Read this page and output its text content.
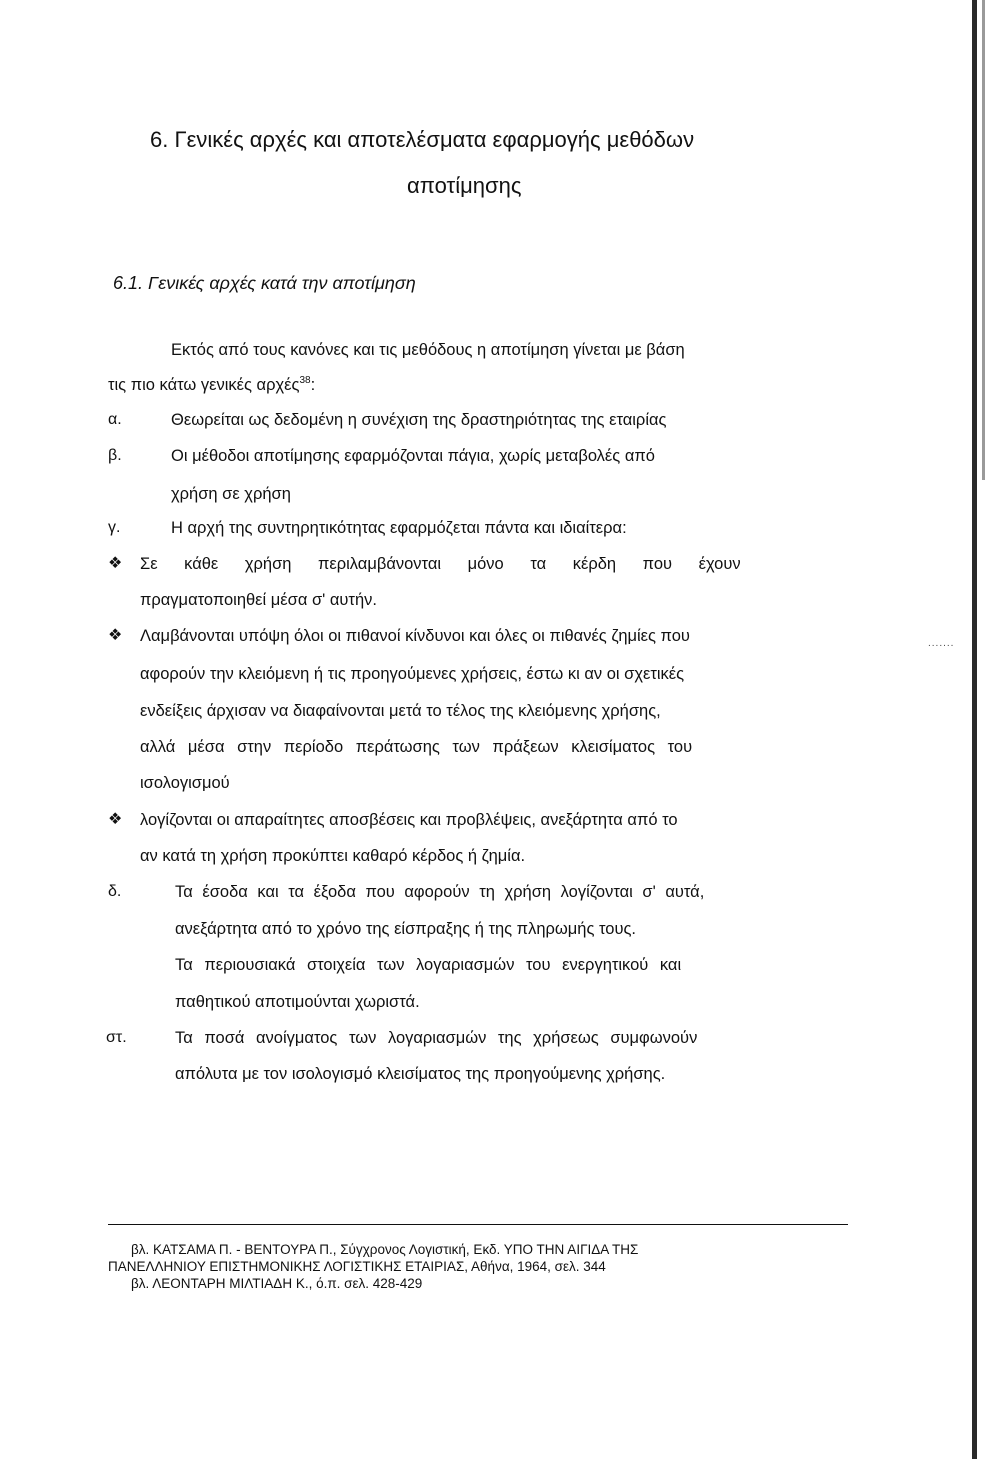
.......
6. Γενικές αρχές και αποτελέσματα εφαρμογής μεθόδων
αποτίμησης
6.1. Γενικές αρχές κατά την αποτίμηση
Εκτός από τους κανόνες και τις μεθόδους η αποτίμηση γίνεται με βάση
τις πιο κάτω γενικές αρχές$^{38}$:
α.	Θεωρείται ως δεδομένη η συνέχιση της δραστηριότητας της εταιρίας
β.	Οι μέθοδοι αποτίμησης εφαρμόζονται πάγια, χωρίς μεταβολές από
χρήση σε χρήση
γ.	Η αρχή της συντηρητικότητας εφαρμόζεται πάντα και ιδιαίτερα:
❖ Σε κάθε χρήση περιλαμβάνονται μόνο τα κέρδη που έχουν
πραγματοποιηθεί μέσα σ' αυτήν.
❖ Λαμβάνονται υπόψη όλοι οι πιθανοί κίνδυνοι και όλες οι πιθανές ζημίες που
αφορούν την κλειόμενη ή τις προηγούμενες χρήσεις, έστω κι αν οι σχετικές
ενδείξεις άρχισαν να διαφαίνονται μετά το τέλος της κλειόμενης χρήσης,
αλλά μέσα στην περίοδο περάτωσης των πράξεων κλεισίματος του
ισολογισμού
❖ λογίζονται οι απαραίτητες αποσβέσεις και προβλέψεις, ανεξάρτητα από το
αν κατά τη χρήση προκύπτει καθαρό κέρδος ή ζημία.
δ.	Τα έσοδα και τα έξοδα που αφορούν τη χρήση λογίζονται σ' αυτά,
ανεξάρτητα από το χρόνο της είσπραξης ή της πληρωμής τους.
Τα περιουσιακά στοιχεία των λογαριασμών του ενεργητικού και
παθητικού αποτιμούνται χωριστά.
στ.	Τα ποσά ανοίγματος των λογαριασμών της χρήσεως συμφωνούν
απόλυτα με τον ισολογισμό κλεισίματος της προηγούμενης χρήσης.
βλ. ΚΑΤΣΑΜΑ Π. - ΒΕΝΤΟΥΡΑ Π., Σύγχρονος Λογιστική, Εκδ. ΥΠΟ ΤΗΝ ΑΙΓΙΔΑ ΤΗΣ
ΠΑΝΕΛΛΗΝΙΟΥ ΕΠΙΣΤΗΜΟΝΙΚΗΣ ΛΟΓΙΣΤΙΚΗΣ ΕΤΑΙΡΙΑΣ, Αθήνα, 1964, σελ. 344
βλ. ΛΕΟΝΤΑΡΗ ΜΙΛΤΙΑΔΗ Κ., ό.π. σελ. 428-429
